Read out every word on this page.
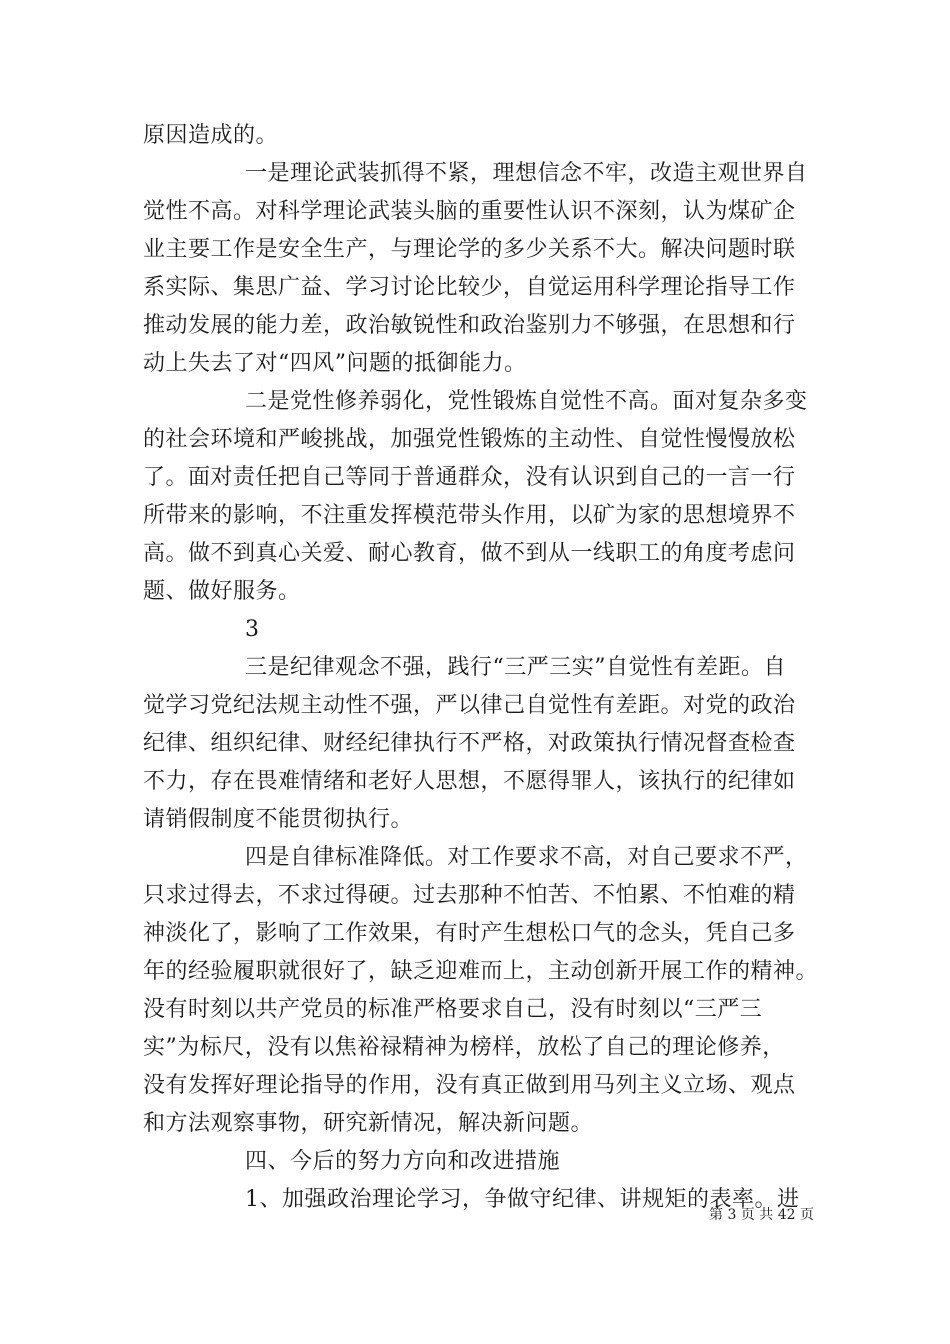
原因造成的。
一是理论武装抓得不紧，理想信念不牢，改造主观世界自
觉性不高。对科学理论武装头脑的重要性认识不深刻，认为煤矿企
业主要工作是安全生产，与理论学的多少关系不大。解决问题时联
系实际、集思广益、学习讨论比较少，自觉运用科学理论指导工作
推动发展的能力差，政治敏锐性和政治鉴别力不够强，在思想和行
动上失去了对“四风”问题的抵御能力。
二是党性修养弱化，党性锻炼自觉性不高。面对复杂多变
的社会环境和严峻挑战，加强党性锻炼的主动性、自觉性慢慢放松
了。面对责任把自己等同于普通群众，没有认识到自己的一言一行
所带来的影响，不注重发挥模范带头作用，以矿为家的思想境界不
高。做不到真心关爱、耐心教育，做不到从一线职工的角度考虑问
题、做好服务。
3
三是纪律观念不强，践行“三严三实”自觉性有差距。自
觉学习党纪法规主动性不强，严以律己自觉性有差距。对党的政治
纪律、组织纪律、财经纪律执行不严格，对政策执行情况督查检查
不力，存在畏难情绪和老好人思想，不愿得罪人，该执行的纪律如
请销假制度不能贯彻执行。
四是自律标准降低。对工作要求不高，对自己要求不严，
只求过得去，不求过得硬。过去那种不怕苦、不怕累、不怕难的精
神淡化了，影响了工作效果，有时产生想松口气的念头，凭自己多
年的经验履职就很好了，缺乏迎难而上，主动创新开展工作的精神。
没有时刻以共产党员的标准严格要求自己，没有时刻以“三严三
实”为标尺，没有以焦裕禄精神为榜样，放松了自己的理论修养，
没有发挥好理论指导的作用，没有真正做到用马列主义立场、观点
和方法观察事物，研究新情况，解决新问题。
四、今后的努力方向和改进措施
1、加强政治理论学习，争做守纪律、讲规矩的表率。进
第 3 页 共 42 页
